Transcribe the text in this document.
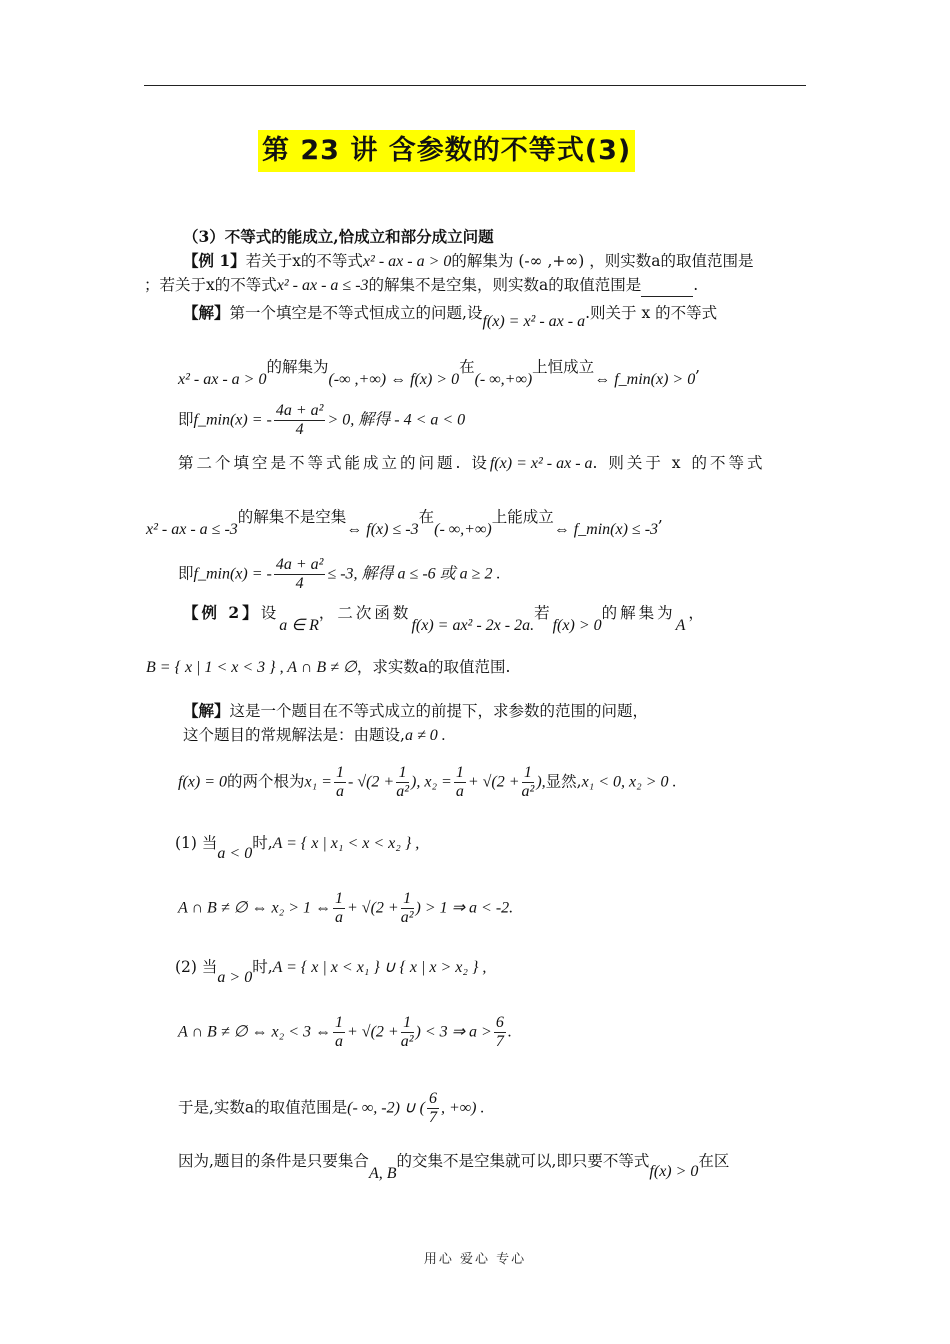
第 23 讲 含参数的不等式(3)
（3）不等式的能成立,恰成立和部分成立问题
【例 1】若关于x的不等式x² - ax - a > 0的解集为 (-∞ ,+∞) ，则实数a的取值范围是
；若关于x的不等式x² - ax - a ≤ -3的解集不是空集，则实数a的取值范围是	.
【解】第一个填空是不等式恒成立的问题,设f(x) = x² - ax - a.则关于 x 的不等式
x² - ax - a > 0的解集为(-∞ ,+∞) ⇔ f(x) > 0在(- ∞,+∞)上恒成立⇔ f_min(x) > 0,
即f_min(x) = - $\frac{\text{4a + a²}}{4} > 0$, 解得 - 4 < a < 0
第二个填空是不等式能成立的问题. 设f(x) = x² - ax - a. 则关于 x 的不等式
x² - ax - a ≤ -3的解集不是空集⇔ f(x) ≤ -3在(- ∞,+∞)上能成立⇔ f_min(x) ≤ -3,
即f_min(x) = - $\frac{\text{4a + a²}}{4} \le -3$, 解得 a ≤ -6 或 a ≥ 2 .
【例 2】设a ∈ R，二次函数f(x) = ax² - 2x - 2a.若f(x) > 0的解集为A，
B = { x | 1 < x < 3 } , A ∩ B ≠ ∅，求实数a的取值范围.
【解】这是一个题目在不等式成立的前提下，求参数的范围的问题，
这个题目的常规解法是：由题设,a ≠ 0 .
f(x) = 0的两个根为$x_1 = \frac{1}{a} - √(2 + \frac{1}{\text{a²}}$ ), $x_2 = \frac{1}{a} + √(2 + \frac{1}{\text{a²}}$ ),显然,x₁ < 0, x₂ > 0 .
(1) 当a < 0时,A = { x | x₁ < x < x₂ } ,
A ∩ B ≠ ∅ ⇔ x₂ > 1 ⇔ $\frac{1}{a} + √(2 + \frac{1}{\text{a²}}$ ) > 1 ⇒ a < -2.
(2) 当a > 0时,A = { x | x < x₁ } ∪ { x | x > x₂ } ,
A ∩ B ≠ ∅ ⇔ x₂ < 3 ⇔ $\frac{1}{a} + √(2 + \frac{1}{\text{a²}}$ ) < 3 ⇒ $a > \frac{6}{7}$ .
于是,实数a的取值范围是(- ∞, -2) ∪ ( $\frac{6}{7}$ , +∞) .
因为,题目的条件是只要集合A, B的交集不是空集就可以,即只要不等式f(x) > 0在区
用心 爱心 专心
